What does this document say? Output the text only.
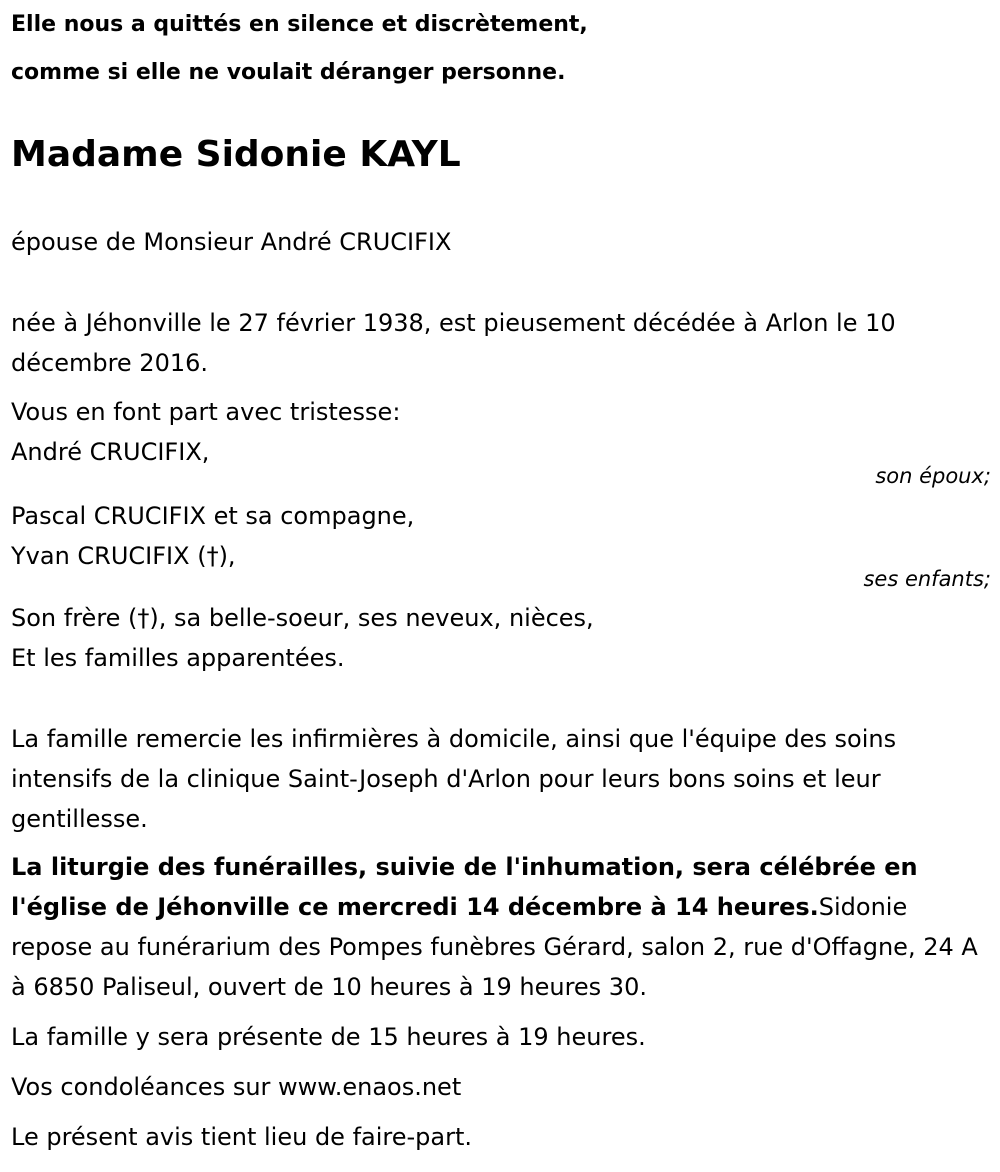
Elle nous a quittés en silence et discrètement,
comme si elle ne voulait déranger personne.
Madame Sidonie KAYL
épouse de Monsieur André CRUCIFIX
née à Jéhonville le 27 février 1938, est pieusement décédée à Arlon le 10 décembre 2016.
Vous en font part avec tristesse:
André CRUCIFIX,
son époux;
Pascal CRUCIFIX et sa compagne,
Yvan CRUCIFIX (†),
ses enfants;
Son frère (†), sa belle-soeur, ses neveux, nièces,
Et les familles apparentées.
La famille remercie les infirmières à domicile, ainsi que l'équipe des soins intensifs de la clinique Saint-Joseph d'Arlon pour leurs bons soins et leur gentillesse.
La liturgie des funérailles, suivie de l'inhumation, sera célébrée en l'église de Jéhonville ce mercredi 14 décembre à 14 heures.Sidonie repose au funérarium des Pompes funèbres Gérard, salon 2, rue d'Offagne, 24 A à 6850 Paliseul, ouvert de 10 heures à 19 heures 30.
La famille y sera présente de 15 heures à 19 heures.
Vos condoléances sur www.enaos.net
Le présent avis tient lieu de faire-part.
